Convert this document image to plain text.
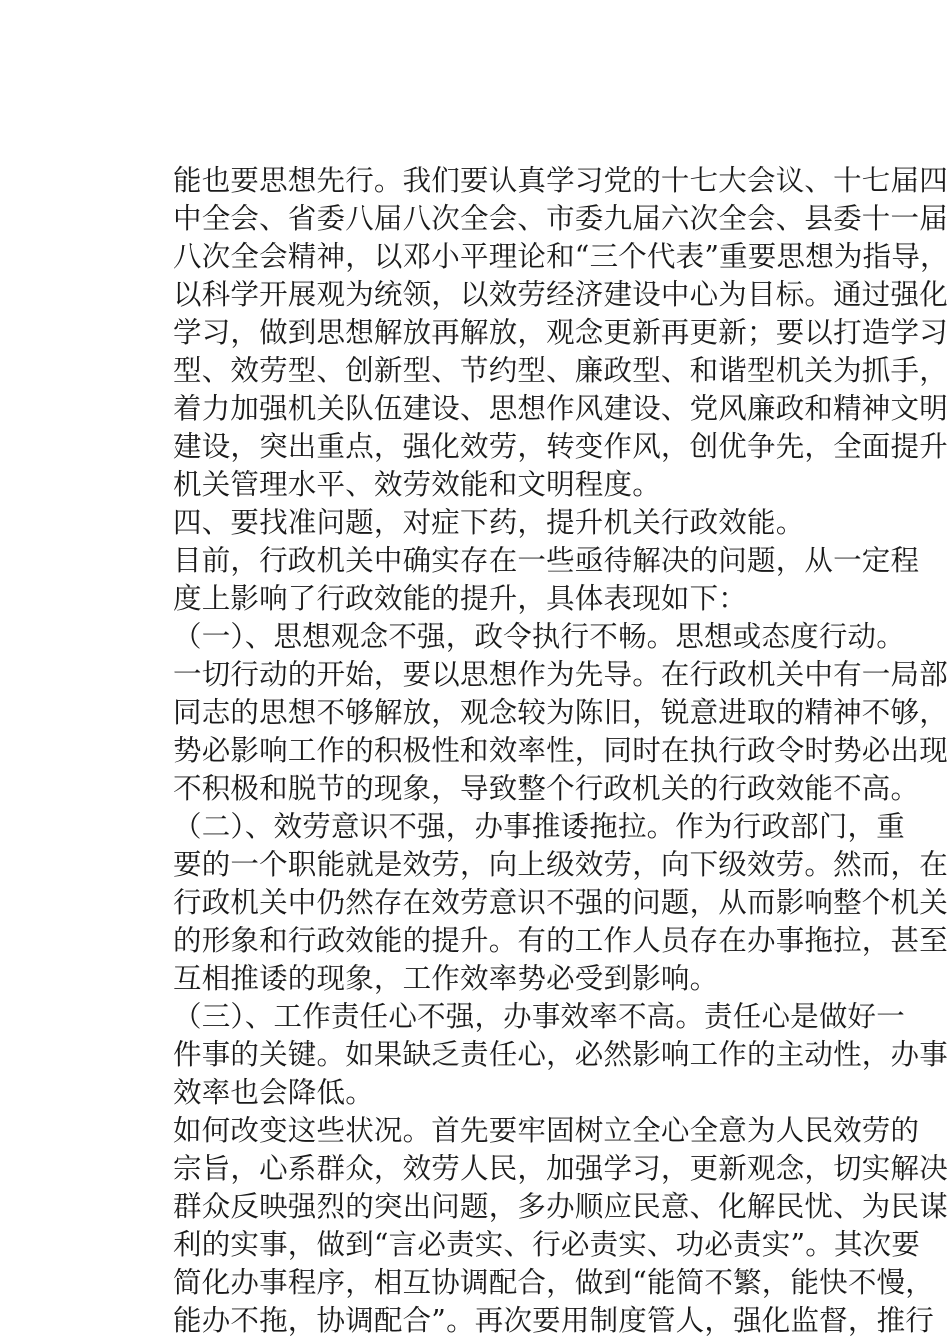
能也要思想先行。我们要认真学习党的十七大会议、十七届四
中全会、省委八届八次全会、市委九届六次全会、县委十一届
八次全会精神，以邓小平理论和“三个代表”重要思想为指导，
以科学开展观为统领，以效劳经济建设中心为目标。通过强化
学习，做到思想解放再解放，观念更新再更新；要以打造学习
型、效劳型、创新型、节约型、廉政型、和谐型机关为抓手，
着力加强机关队伍建设、思想作风建设、党风廉政和精神文明
建设，突出重点，强化效劳，转变作风，创优争先，全面提升
机关管理水平、效劳效能和文明程度。
四、要找准问题，对症下药，提升机关行政效能。
目前，行政机关中确实存在一些亟待解决的问题，从一定程
度上影响了行政效能的提升，具体表现如下：
（一）、思想观念不强，政令执行不畅。思想或态度行动。
一切行动的开始，要以思想作为先导。在行政机关中有一局部
同志的思想不够解放，观念较为陈旧，锐意进取的精神不够，
势必影响工作的积极性和效率性，同时在执行政令时势必出现
不积极和脱节的现象，导致整个行政机关的行政效能不高。
（二）、效劳意识不强，办事推诿拖拉。作为行政部门，重
要的一个职能就是效劳，向上级效劳，向下级效劳。然而，在
行政机关中仍然存在效劳意识不强的问题，从而影响整个机关
的形象和行政效能的提升。有的工作人员存在办事拖拉，甚至
互相推诿的现象，工作效率势必受到影响。
（三）、工作责任心不强，办事效率不高。责任心是做好一
件事的关键。如果缺乏责任心，必然影响工作的主动性，办事
效率也会降低。
如何改变这些状况。首先要牢固树立全心全意为人民效劳的
宗旨，心系群众，效劳人民，加强学习，更新观念，切实解决
群众反映强烈的突出问题，多办顺应民意、化解民忧、为民谋
利的实事，做到“言必责实、行必责实、功必责实”。其次要
简化办事程序，相互协调配合，做到“能简不繁，能快不慢，
能办不拖，协调配合”。再次要用制度管人，强化监督，推行
